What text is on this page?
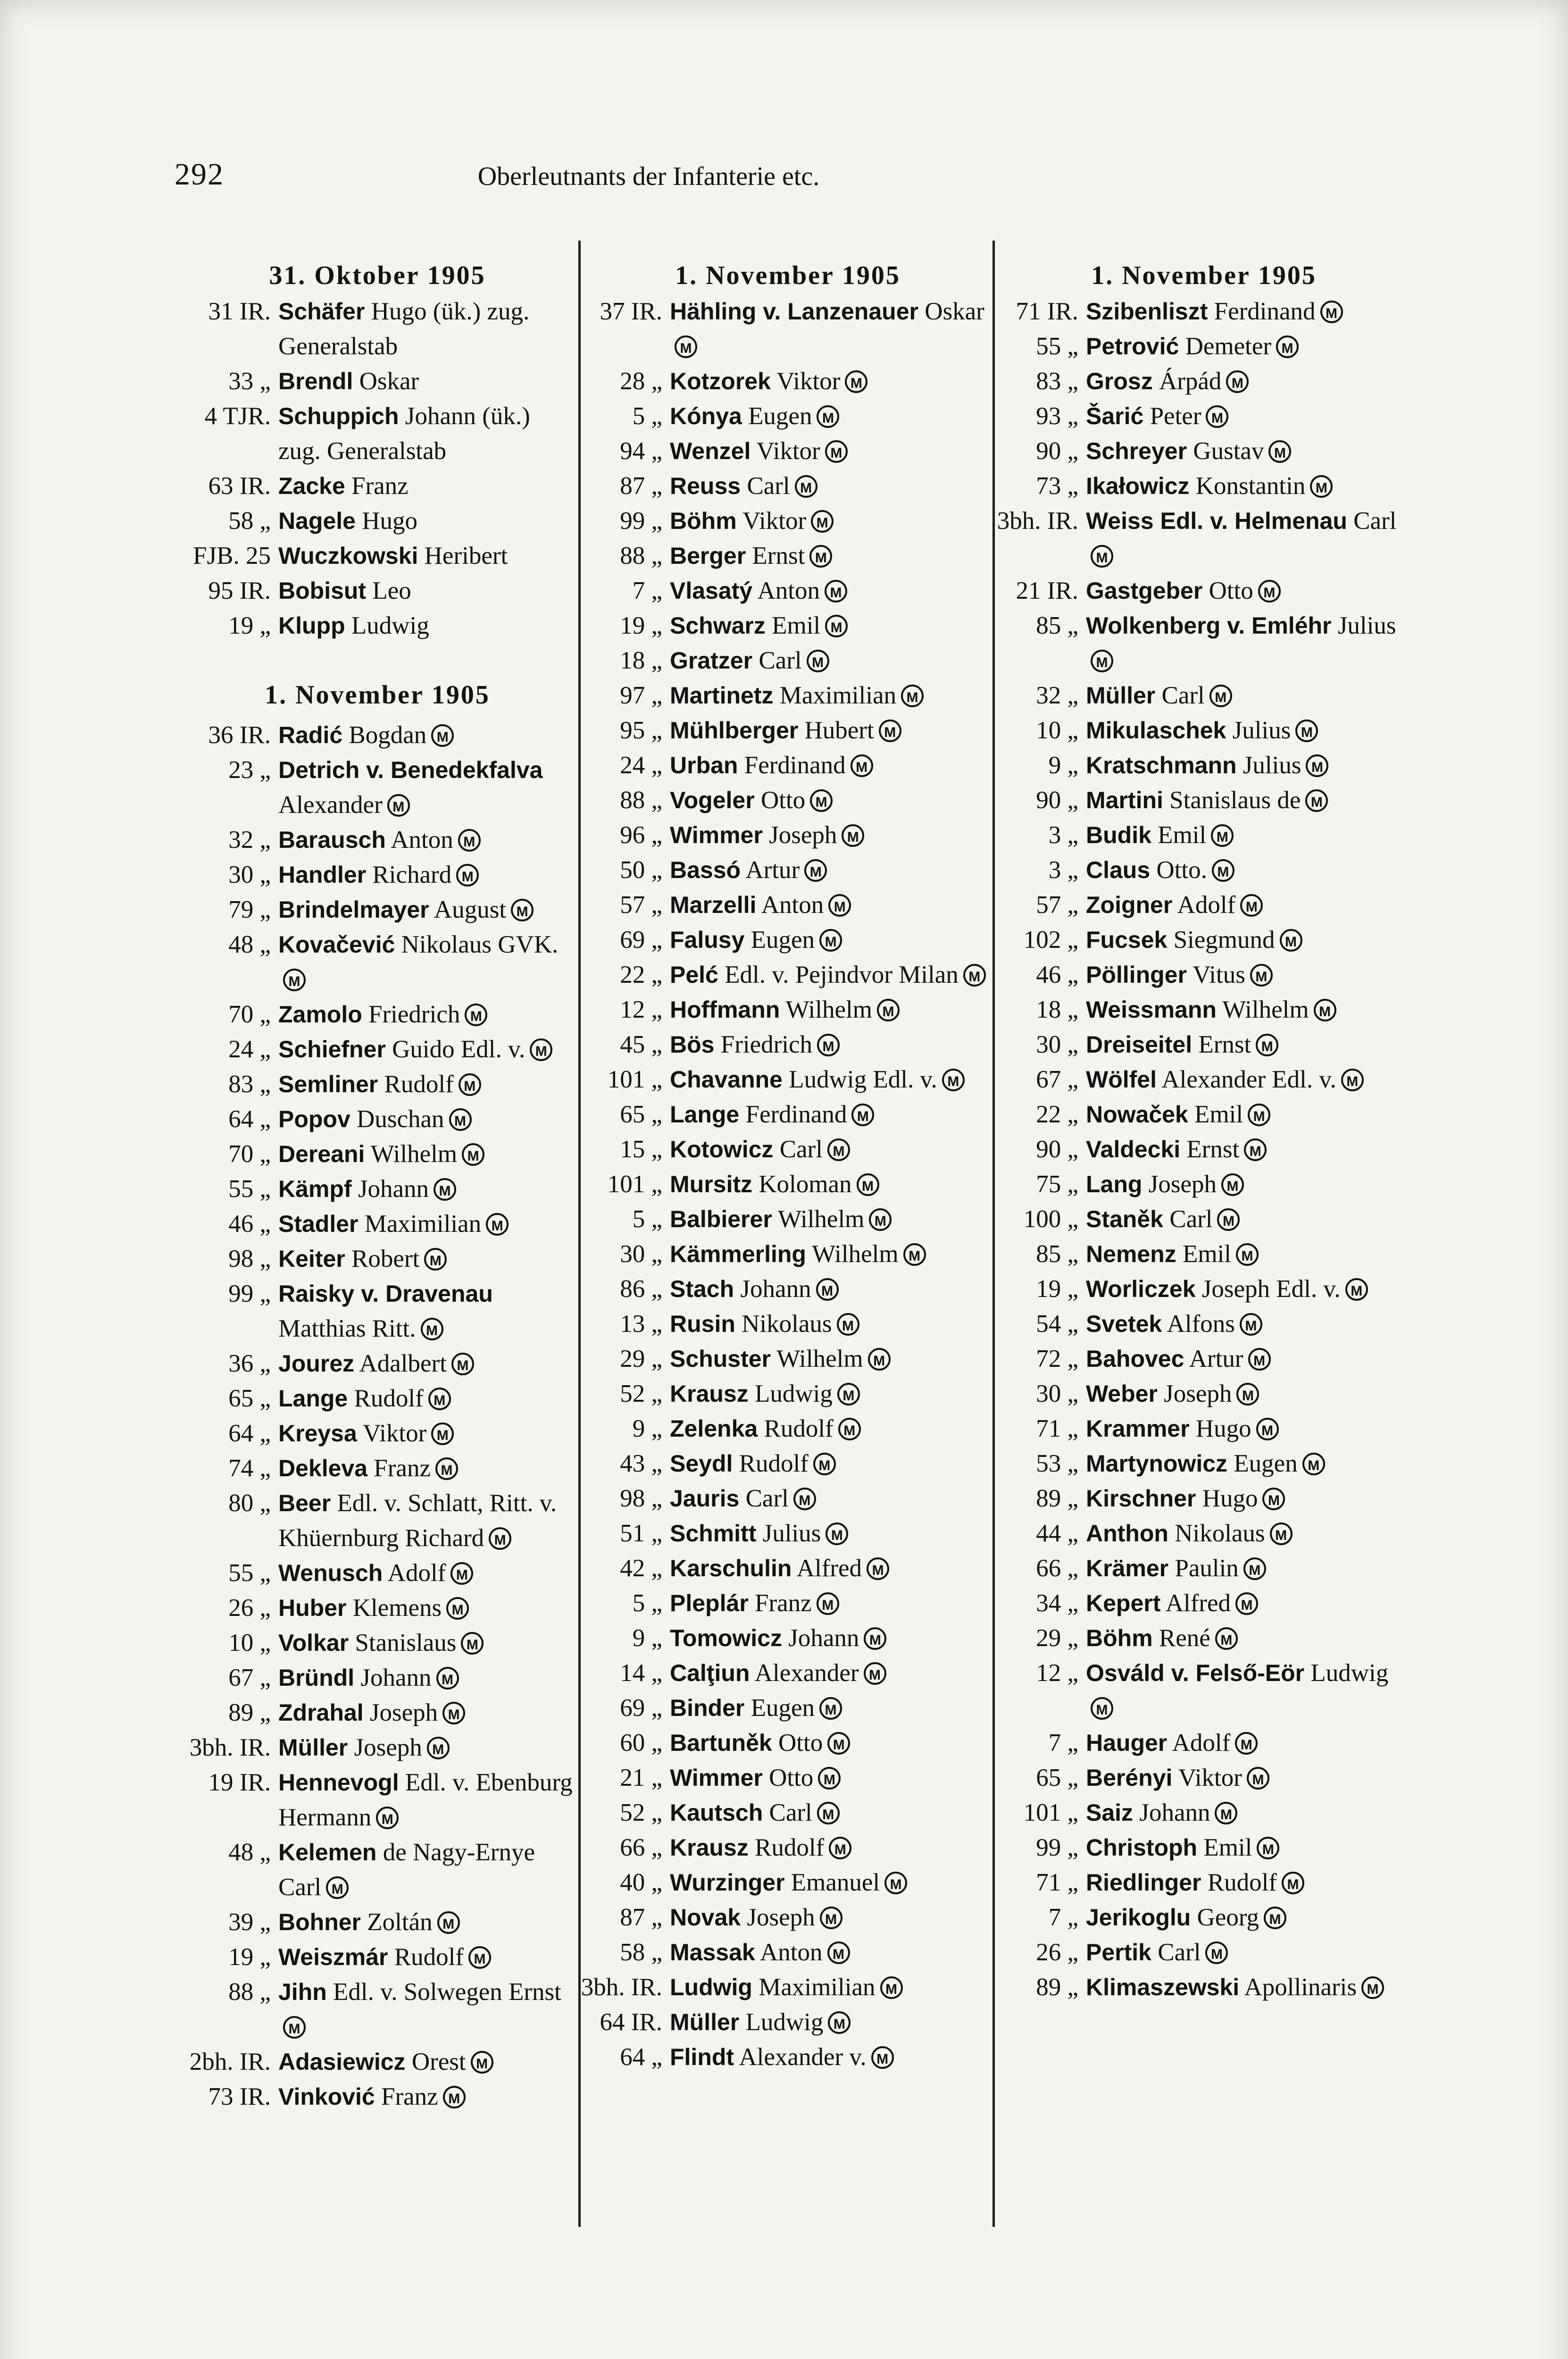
292	Oberleutnants der Infanterie etc.
31. Oktober 1905
31 IR. Schäfer Hugo (ük.) zug. Generalstab
33 „ Brendl Oskar
4 TJR. Schuppich Johann (ük.) zug. Generalstab
63 IR. Zacke Franz
58 „ Nagele Hugo
FJB. 25 Wuczkowski Heribert
95 IR. Bobisut Leo
19 „ Klupp Ludwig
1. November 1905
36 IR. Radić Bogdan M
23 „ Detrich v. Benedekfalva Alexander M
32 „ Barausch Anton M
30 „ Handler Richard M
79 „ Brindelmayer August M
48 „ Kovačević Nikolaus GVK.M
70 „ Zamolo Friedrich M
24 „ Schiefner Guido Edl. v. M
83 „ Semliner Rudolf M
64 „ Popov Duschan M
70 „ Dereani Wilhelm M
55 „ Kämpf Johann M
46 „ Stadler Maximilian M
98 „ Keiter Robert M
99 „ Raisky v. Dravenau Matthias Ritt. M
36 „ Jourez Adalbert M
65 „ Lange Rudolf M
64 „ Kreysa Viktor M
74 „ Dekleva Franz M
80 „ Beer Edl. v. Schlatt, Ritt. v. Khüernburg Richard M
55 „ Wenusch Adolf M
26 „ Huber Klemens M
10 „ Volkar Stanislaus M
67 „ Bründl Johann M
89 „ Zdrahal Joseph M
3bh. IR. Müller Joseph M
19 IR. Hennevogl Edl. v. Ebenburg Hermann M
48 „ Kelemen de Nagy-Ernye Carl M
39 „ Bohner Zoltán M
19 „ Weiszmár Rudolf M
88 „ Jihn Edl. v. Solwegen ErnstM
2bh. IR. Adasiewicz Orest M
73 IR. Vinković Franz M
1. November 1905
37 IR. Hähling v. Lanzenauer OskarM
28 „ Kotzorek Viktor M
5 „ Kónya Eugen M
94 „ Wenzel Viktor M
87 „ Reuss Carl M
99 „ Böhm Viktor M
88 „ Berger Ernst M
7 „ Vlasatý Anton M
19 „ Schwarz Emil M
18 „ Gratzer Carl M
97 „ Martinetz Maximilian M
95 „ Mühlberger Hubert M
24 „ Urban Ferdinand M
88 „ Vogeler Otto M
96 „ Wimmer Joseph M
50 „ Bassó Artur M
57 „ Marzelli Anton M
69 „ Falusy Eugen M
22 „ Pelć Edl. v. Pejindvor Milan M
12 „ Hoffmann Wilhelm M
45 „ Bös Friedrich M
101 „ Chavanne Ludwig Edl. v. M
65 „ Lange Ferdinand M
15 „ Kotowicz Carl M
101 „ Mursitz Koloman M
5 „ Balbierer Wilhelm M
30 „ Kämmerling Wilhelm M
86 „ Stach Johann M
13 „ Rusin Nikolaus M
29 „ Schuster Wilhelm M
52 „ Krausz Ludwig M
9 „ Zelenka Rudolf M
43 „ Seydl Rudolf M
98 „ Jauris Carl M
51 „ Schmitt Julius M
42 „ Karschulin Alfred M
5 „ Pleplár Franz M
9 „ Tomowicz Johann M
14 „ Calţiun Alexander M
69 „ Binder Eugen M
60 „ Bartuněk Otto M
21 „ Wimmer Otto M
52 „ Kautsch Carl M
66 „ Krausz Rudolf M
40 „ Wurzinger Emanuel M
87 „ Novak Joseph M
58 „ Massak Anton M
3bh. IR. Ludwig Maximilian M
64 IR. Müller Ludwig M
64 „ Flindt Alexander v. M
1. November 1905
71 IR. Szibenliszt Ferdinand M
55 „ Petrović Demeter M
83 „ Grosz Árpád M
93 „ Šarić Peter M
90 „ Schreyer Gustav M
73 „ Ikałowicz Konstantin M
3bh. IR. Weiss Edl. v. Helmenau CarlM
21 IR. Gastgeber Otto M
85 „ Wolkenberg v. Emléhr JuliusM
32 „ Müller Carl M
10 „ Mikulaschek Julius M
9 „ Kratschmann Julius M
90 „ Martini Stanislaus de M
3 „ Budik Emil M
3 „ Claus Otto. M
57 „ Zoigner Adolf M
102 „ Fucsek Siegmund M
46 „ Pöllinger Vitus M
18 „ Weissmann Wilhelm M
30 „ Dreiseitel Ernst M
67 „ Wölfel Alexander Edl. v. M
22 „ Nowaček Emil M
90 „ Valdecki Ernst M
75 „ Lang Joseph M
100 „ Staněk Carl M
85 „ Nemenz Emil M
19 „ Worliczek Joseph Edl. v. M
54 „ Svetek Alfons M
72 „ Bahovec Artur M
30 „ Weber Joseph M
71 „ Krammer Hugo M
53 „ Martynowicz Eugen M
89 „ Kirschner Hugo M
44 „ Anthon Nikolaus M
66 „ Krämer Paulin M
34 „ Kepert Alfred M
29 „ Böhm René M
12 „ Osváld v. Felső-Eör LudwigM
7 „ Hauger Adolf M
65 „ Berényi Viktor M
101 „ Saiz Johann M
99 „ Christoph Emil M
71 „ Riedlinger Rudolf M
7 „ Jerikoglu Georg M
26 „ Pertik Carl M
89 „ Klimaszewski Apollinaris M
